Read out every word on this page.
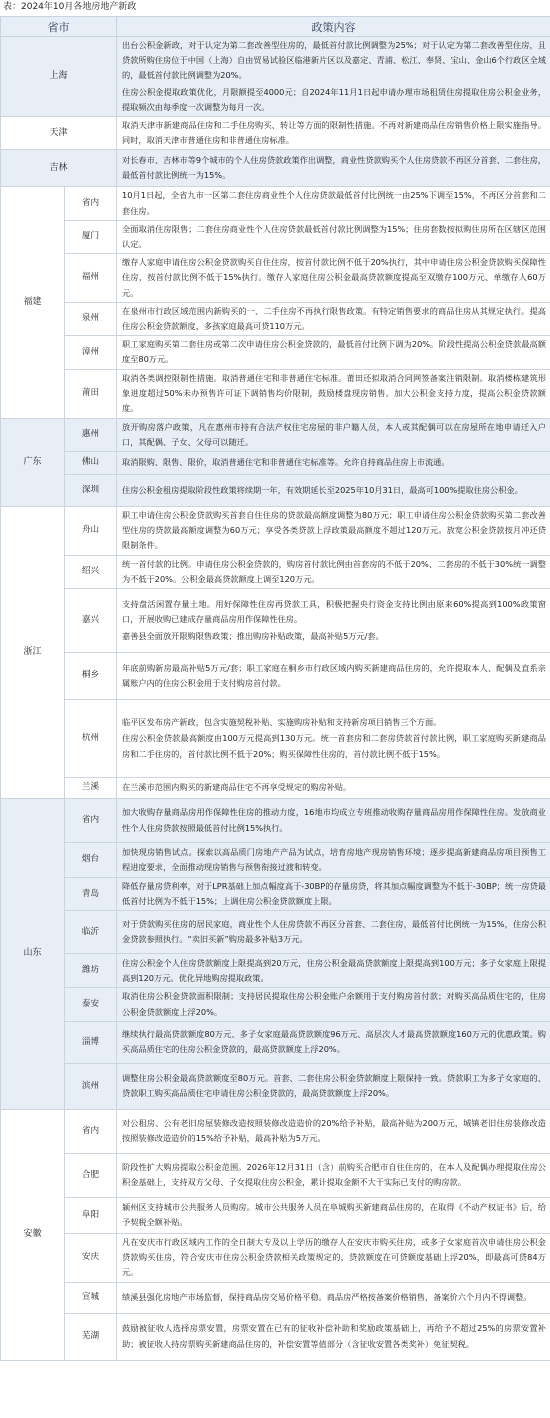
表：2024年10月各地房地产新政
省市		政策内容
上海		出台公积金新政，对于认定为第二套改善型住房的，最低首付款比例调整为25%；对于认定为第二套改善型住房，且贷款所购住房位于中国（上海）自由贸易试验区临港新片区以及嘉定、青浦、松江、奉贤、宝山、金山6个行政区全域的，最低首付款比例调整为20%。

住房公积金提取政策优化，月限额提至4000元；自2024年11月1日起申请办理市场租赁住房提取住房公积金业务，提取频次由每季度一次调整为每月一次。

天津		取消天津市新建商品住房和二手住房购买、转让等方面的限制性措施。不再对新建商品住房销售价格上限实施指导。同时，取消天津市普通住房和非普通住房标准。

吉林		对长春市、吉林市等9个城市的个人住房贷款政策作出调整，商业性贷款购买个人住房贷款不再区分首套、二套住房，最低首付款比例统一为15%。

福建	省内	10月1日起，全省九市一区第二套住房商业性个人住房贷款最低首付比例统一由25%下调至15%，不再区分首套和二套住房。

	厦门	全面取消住房限售；二套住房商业性个人住房贷款最低首付款比例调整为15%；住房套数按拟购住房所在区辖区范围认定。

	福州	缴存人家庭申请住房公积金贷款购买自住住房，按首付款比例不低于20%执行，其中申请住房公积金贷款购买保障性住房，按首付款比例不低于15%执行。缴存人家庭住房公积金最高贷款额度提高至双缴存100万元、单缴存人60万元。

	泉州	在泉州市行政区域范围内新购买的一、二手住房不再执行限售政策。有特定销售要求的商品住房从其规定执行。提高住房公积金贷款额度，多孩家庭最高可贷110万元。

	漳州	职工家庭购买第二套住房或第二次申请住房公积金贷款的，最低首付比例下调为20%。阶段性提高公积金贷款最高额度至80万元。

	莆田	取消各类调控限制性措施。取消普通住宅和非普通住宅标准。莆田还拟取消合同网签备案注销限制。取消楼栋建筑形象进度超过50%未办预售许可证下调销售均价限制，鼓励楼盘现房销售。加大公积金支持力度，提高公积金贷款额度。

广东	惠州	放开购房落户政策，凡在惠州市持有合法产权住宅房屋的非户籍人员，本人或其配偶可以在房屋所在地申请迁入户口，其配偶、子女、父母可以随迁。

	佛山	取消限购、限售、限价，取消普通住宅和非普通住宅标准等。允许自持商品住房上市流通。

	深圳	住房公积金租房提取阶段性政策将续期一年，有效期延长至2025年10月31日，最高可100%提取住房公积金。

浙江	舟山	职工申请住房公积金贷款购买首套自住住房的贷款最高额度调整为80万元；职工申请住房公积金贷款购买第二套改善型住房的贷款最高额度调整为60万元；享受各类贷款上浮政策最高额度不超过120万元。放宽公积金贷款按月冲还贷限制条件。

	绍兴	统一首付款的比例。申请住房公积金贷款的，购房首付款比例由首套房的不低于20%、二套房的不低于30%统一调整为不低于20%。公积金最高贷款额度上调至120万元。

	嘉兴	支持盘活闲置存量土地。用好保障性住房再贷款工具，积极把握央行资金支持比例由原来60%提高到100%政策窗口，开展收购已建成存量商品房用作保障性住房。

嘉善县全面放开限购限售政策；推出购房补贴政策，最高补贴5万元/套。

	桐乡	年底前购新房最高补贴5万元/套；职工家庭在桐乡市行政区域内购买新建商品住房的，允许提取本人、配偶及直系亲属账户内的住房公积金用于支付购房首付款。

	杭州	临平区发布房产新政，包含实施契税补贴、实施购房补贴和支持新房项目销售三个方面。

住房公积金贷款最高额度由100万元提高到130万元。统一首套房和二套房贷款首付款比例，职工家庭购买新建商品房和二手住房的，首付款比例不低于20%；购买保障性住房的，首付款比例不低于15%。

	兰溪	在兰溪市范围内购买的新建商品住宅不再享受规定的购房补贴。

山东	省内	加大收购存量商品房用作保障性住房的推动力度，16地市均成立专班推动收购存量商品房用作保障性住房。发放商业性个人住房贷款按照最低首付比例15%执行。

	烟台	加快现房销售试点。探索以高品质门房地产产品为试点，培育房地产现房销售环境；逐步提高新建商品房项目预售工程进度要求，全面推动现房销售与预售衔接过渡和转变。

	青岛	降低存量房贷利率，对于LPR基础上加点幅度高于-30BP的存量房贷，将其加点幅度调整为不低于-30BP；统一房贷最低首付比例为不低于15%；上调住房公积金贷款额度上限。

	临沂	对于贷款购买住房的居民家庭，商业性个人住房贷款不再区分首套、二套住房，最低首付比例统一为15%，住房公积金贷款参照执行。“卖旧买新”购房最多补贴3万元。

	潍坊	住房公积金个人住房贷款额度上限提高到20万元，住房公积金最高贷款额度上限提高到100万元；多子女家庭上限提高到120万元。优化异地购房提取政策。

	泰安	取消住房公积金贷款面积限制；支持居民提取住房公积金账户余额用于支付购房首付款；对购买高品质住宅的，住房公积金贷款额度上浮20%。

	淄博	继续执行最高贷款额度80万元、多子女家庭最高贷款额度96万元、高层次人才最高贷款额度160万元的优惠政策。购买高品质住宅的住房公积金贷款的，最高贷款额度上浮20%。

	滨州	调整住房公积金最高贷款额度至80万元。首套、二套住房公积金贷款额度上限保持一致。贷款职工为多子女家庭的、贷款职工购买高品质住宅申请住房公积金贷款的，最高贷款额度上浮20%。

安徽	省内	对公租房、公有老旧房屋装修改造按照装修改造造价的20%给予补贴，最高补贴为200万元，城镇老旧住房装修改造按照装修改造造价的15%给予补贴，最高补贴为5万元。

	合肥	阶段性扩大购房提取公积金范围。2026年12月31日（含）前购买合肥市自住住房的，在本人及配偶办理提取住房公积金基础上，支持双方父母、子女提取住房公积金，累计提取金额不大于实际已支付的购房款。

	阜阳	颍州区支持城市公共服务人员购房。城市公共服务人员在阜城购买新建商品住房的，在取得《不动产权证书》后，给予契税全额补贴。

	安庆	凡在安庆市行政区域内工作的全日制大专及以上学历的缴存人在安庆市购买住房，或多子女家庭首次申请住房公积金贷款购买住房，符合安庆市住房公积金贷款相关政策规定的，贷款额度在可贷额度基础上浮20%，即最高可贷84万元。

	宣城	绩溪县强化房地产市场监督，保持商品房交易价格平稳。商品房严格按备案价格销售，备案价六个月内不得调整。

	芜湖	鼓励被征收人选择房票安置，房票安置在已有的征收补偿补助和奖励政策基础上，再给予不超过25%的房票安置补助；被征收人持房票购买新建商品住房的，补偿安置等值部分（含征收安置各类奖补）免征契税。
